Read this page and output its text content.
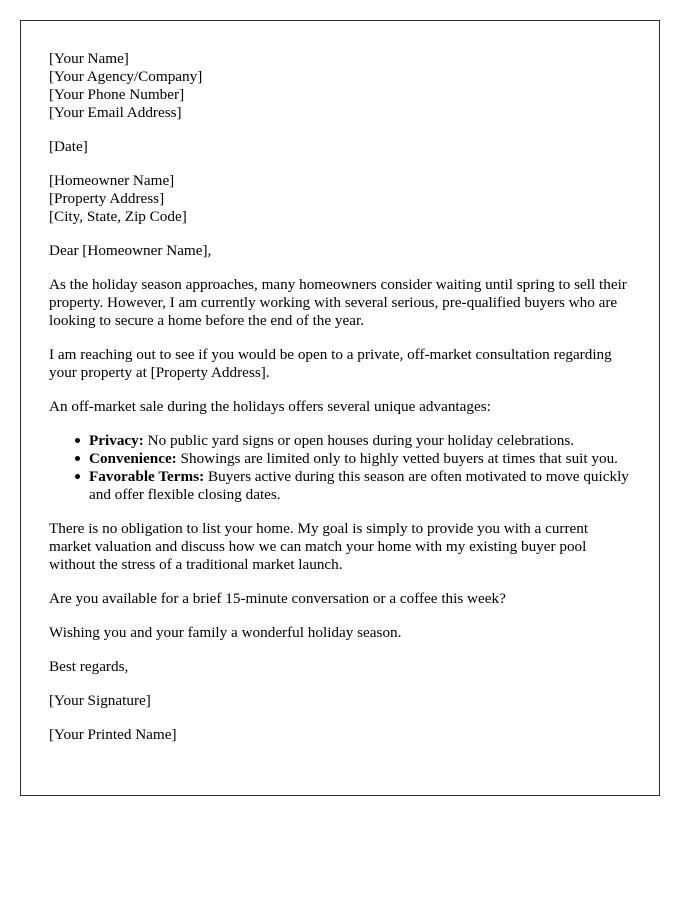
[Your Name]
[Your Agency/Company]
[Your Phone Number]
[Your Email Address]

[Date]

[Homeowner Name]
[Property Address]
[City, State, Zip Code]

Dear [Homeowner Name],

As the holiday season approaches, many homeowners consider waiting until spring to sell their property. However, I am currently working with several serious, pre-qualified buyers who are looking to secure a home before the end of the year.

I am reaching out to see if you would be open to a private, off-market consultation regarding your property at [Property Address].

An off-market sale during the holidays offers several unique advantages:

Privacy: No public yard signs or open houses during your holiday celebrations.
Convenience: Showings are limited only to highly vetted buyers at times that suit you.
Favorable Terms: Buyers active during this season are often motivated to move quickly and offer flexible closing dates.

There is no obligation to list your home. My goal is simply to provide you with a current market valuation and discuss how we can match your home with my existing buyer pool without the stress of a traditional market launch.

Are you available for a brief 15-minute conversation or a coffee this week?

Wishing you and your family a wonderful holiday season.

Best regards,

[Your Signature]

[Your Printed Name]
